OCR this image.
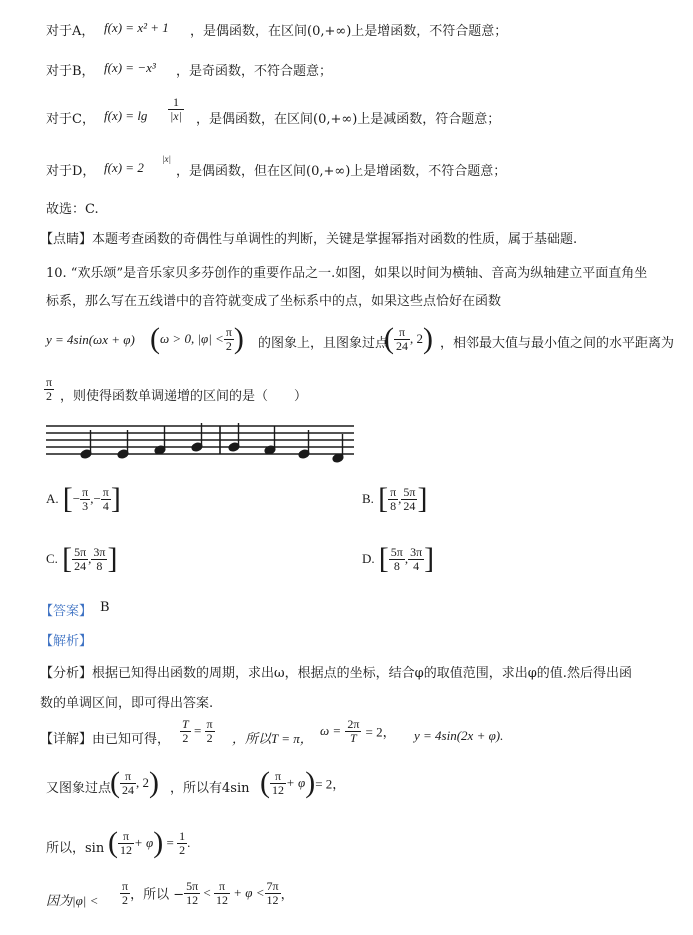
对于A， f(x) = x² + 1 ，是偶函数，在区间(0,+∞)上是增函数，不符合题意；
对于B， f(x) = −x³ ，是奇函数，不符合题意；
对于C， $f(x) = \lg \frac{1}{|x|}$ ，是偶函数，在区间(0,+∞)上是减函数，符合题意；
对于D， f(x) = 2
|x|
，是偶函数，但在区间(0,+∞)上是增函数，不符合题意；
故选：C.
【点睛】本题考查函数的奇偶性与单调性的判断，关键是掌握幂指对函数的性质，属于基础题.
10. “欢乐颂”是音乐家贝多芬创作的重要作品之一.如图，如果以时间为横轴、音高为纵轴建立平面直角坐
标系，那么写在五线谱中的音符就变成了坐标系中的点，如果这些点恰好在函数
y = 4sin(ωx + φ) (ω > 0, $|\varphi| < \frac{\pi}{2}$ ) 的图象上，且图象过点
( $\frac{\pi}{24}$ , 2) ，相邻最大值与最小值之间的水平距离为
$\frac{\pi}{2}$ ，则使得函数单调递增的区间的是（　　）
A. [− $\frac{\pi}{3}$ ,− $\frac{\pi}{4}$ ]	B. [ $\frac{\pi}{8}$ , $\frac{5\pi}{24}$ ]
C. [ $\frac{5\pi}{24}$ , $\frac{3\pi}{8}$ ]	D. [ $\frac{5\pi}{8}$ , $\frac{3\pi}{4}$ ]
【答案】 B
【解析】
【分析】根据已知得出函数的周期，求出ω，根据点的坐标，结合φ的取值范围，求出φ的值.然后得出函
数的单调区间，即可得出答案.
【详解】由已知可得， $\frac{T}{2} = \frac{\pi}{2}$ ，所以T = π，
$\omega = \frac{2\pi}{T} = 2$， y = 4sin(2x + φ).
又图象过点
( $\frac{\pi}{24}$ , 2) ，所以有4sin ( $\frac{\pi}{12} + \varphi)= 2$，
所以，sin ( $\frac{\pi}{12} + \varphi) = \frac{1}{2}$ .
因为$|\varphi| < \frac{\pi}{2}$ ，所以 − $\frac{5\pi}{12} < \frac{\pi}{12} + \varphi < \frac{7\pi}{12}$ ，
